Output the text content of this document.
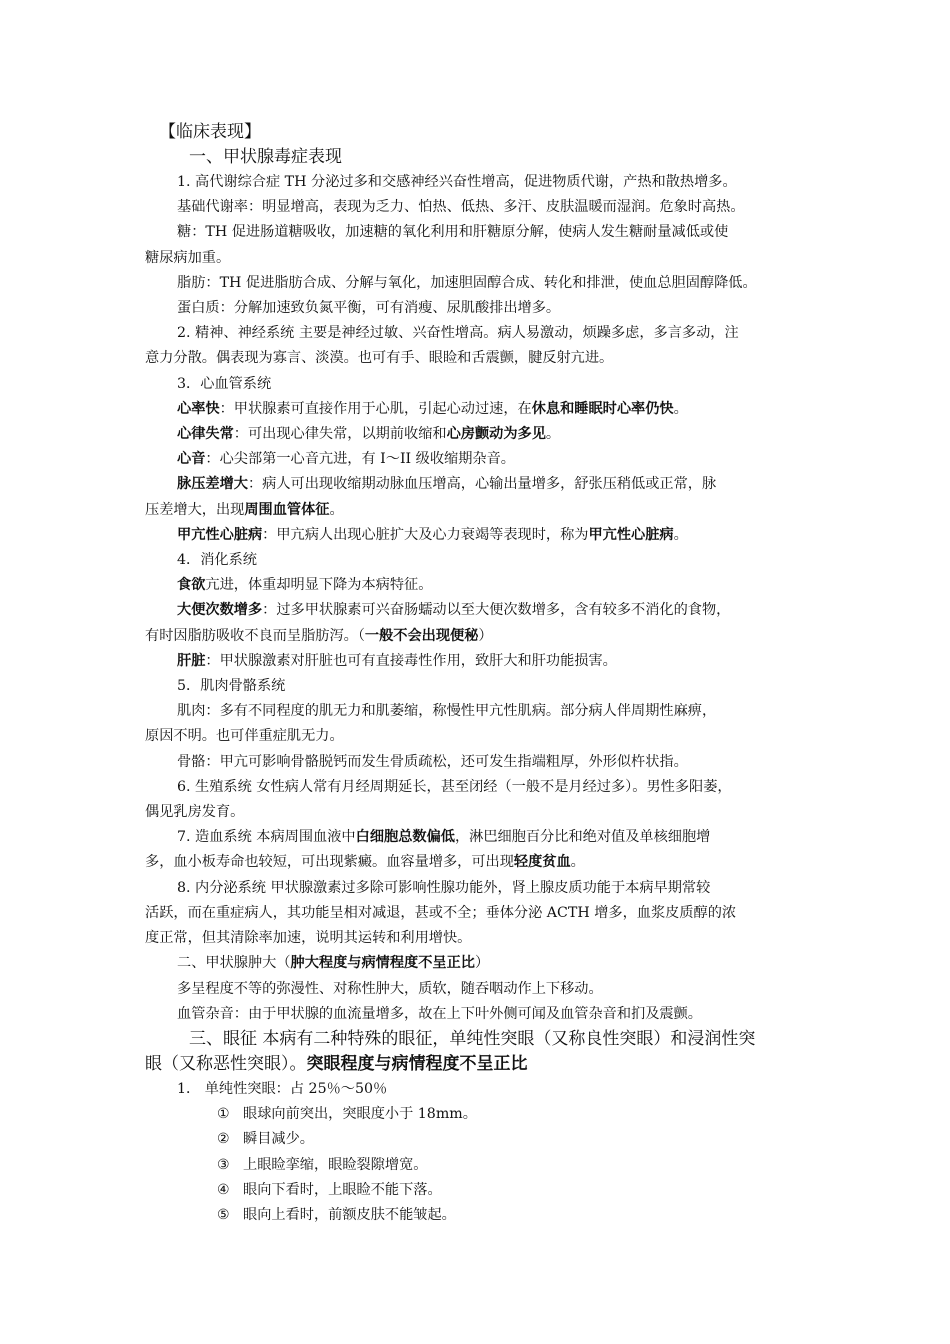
【临床表现】
一、甲状腺毒症表现
1. 高代谢综合症 TH 分泌过多和交感神经兴奋性增高，促进物质代谢，产热和散热增多。
基础代谢率：明显增高，表现为乏力、怕热、低热、多汗、皮肤温暖而湿润。危象时高热。
糖：TH 促进肠道糖吸收，加速糖的氧化利用和肝糖原分解，使病人发生糖耐量减低或使
糖尿病加重。
脂肪：TH 促进脂肪合成、分解与氧化，加速胆固醇合成、转化和排泄，使血总胆固醇降低。
蛋白质：分解加速致负氮平衡，可有消瘦、尿肌酸排出增多。
2. 精神、神经系统 主要是神经过敏、兴奋性增高。病人易激动，烦躁多虑，多言多动，注
意力分散。偶表现为寡言、淡漠。也可有手、眼睑和舌震颤，腱反射亢进。
3．心血管系统
心率快：甲状腺素可直接作用于心肌，引起心动过速，在休息和睡眠时心率仍快。
心律失常：可出现心律失常，以期前收缩和心房颤动为多见。
心音：心尖部第一心音亢进，有 I～II 级收缩期杂音。
脉压差增大：病人可出现收缩期动脉血压增高，心输出量增多，舒张压稍低或正常，脉
压差增大，出现周围血管体征。
甲亢性心脏病：甲亢病人出现心脏扩大及心力衰竭等表现时，称为甲亢性心脏病。
4．消化系统
食欲亢进，体重却明显下降为本病特征。
大便次数增多：过多甲状腺素可兴奋肠蠕动以至大便次数增多，含有较多不消化的食物，
有时因脂肪吸收不良而呈脂肪泻。（一般不会出现便秘）
肝脏：甲状腺激素对肝脏也可有直接毒性作用，致肝大和肝功能损害。
5．肌肉骨骼系统
肌肉：多有不同程度的肌无力和肌萎缩，称慢性甲亢性肌病。部分病人伴周期性麻痹，
原因不明。也可伴重症肌无力。
骨骼：甲亢可影响骨骼脱钙而发生骨质疏松，还可发生指端粗厚，外形似杵状指。
6. 生殖系统 女性病人常有月经周期延长，甚至闭经（一般不是月经过多）。男性多阳萎，
偶见乳房发育。
7. 造血系统 本病周围血液中白细胞总数偏低，淋巴细胞百分比和绝对值及单核细胞增
多，血小板寿命也较短，可出现紫癜。血容量增多，可出现轻度贫血。
8. 内分泌系统 甲状腺激素过多除可影响性腺功能外，肾上腺皮质功能于本病早期常较
活跃，而在重症病人，其功能呈相对减退，甚或不全；垂体分泌 ACTH 增多，血浆皮质醇的浓
度正常，但其清除率加速，说明其运转和利用增快。
二、甲状腺肿大（肿大程度与病情程度不呈正比）
多呈程度不等的弥漫性、对称性肿大，质软，随吞咽动作上下移动。
血管杂音：由于甲状腺的血流量增多，故在上下叶外侧可闻及血管杂音和扪及震颤。
三、眼征 本病有二种特殊的眼征，单纯性突眼（又称良性突眼）和浸润性突
眼（又称恶性突眼）。突眼程度与病情程度不呈正比
1． 单纯性突眼：占 25％～50％
① 眼球向前突出，突眼度小于 18mm。
② 瞬目减少。
③ 上眼睑挛缩，眼睑裂隙增宽。
④ 眼向下看时，上眼睑不能下落。
⑤ 眼向上看时，前额皮肤不能皱起。
